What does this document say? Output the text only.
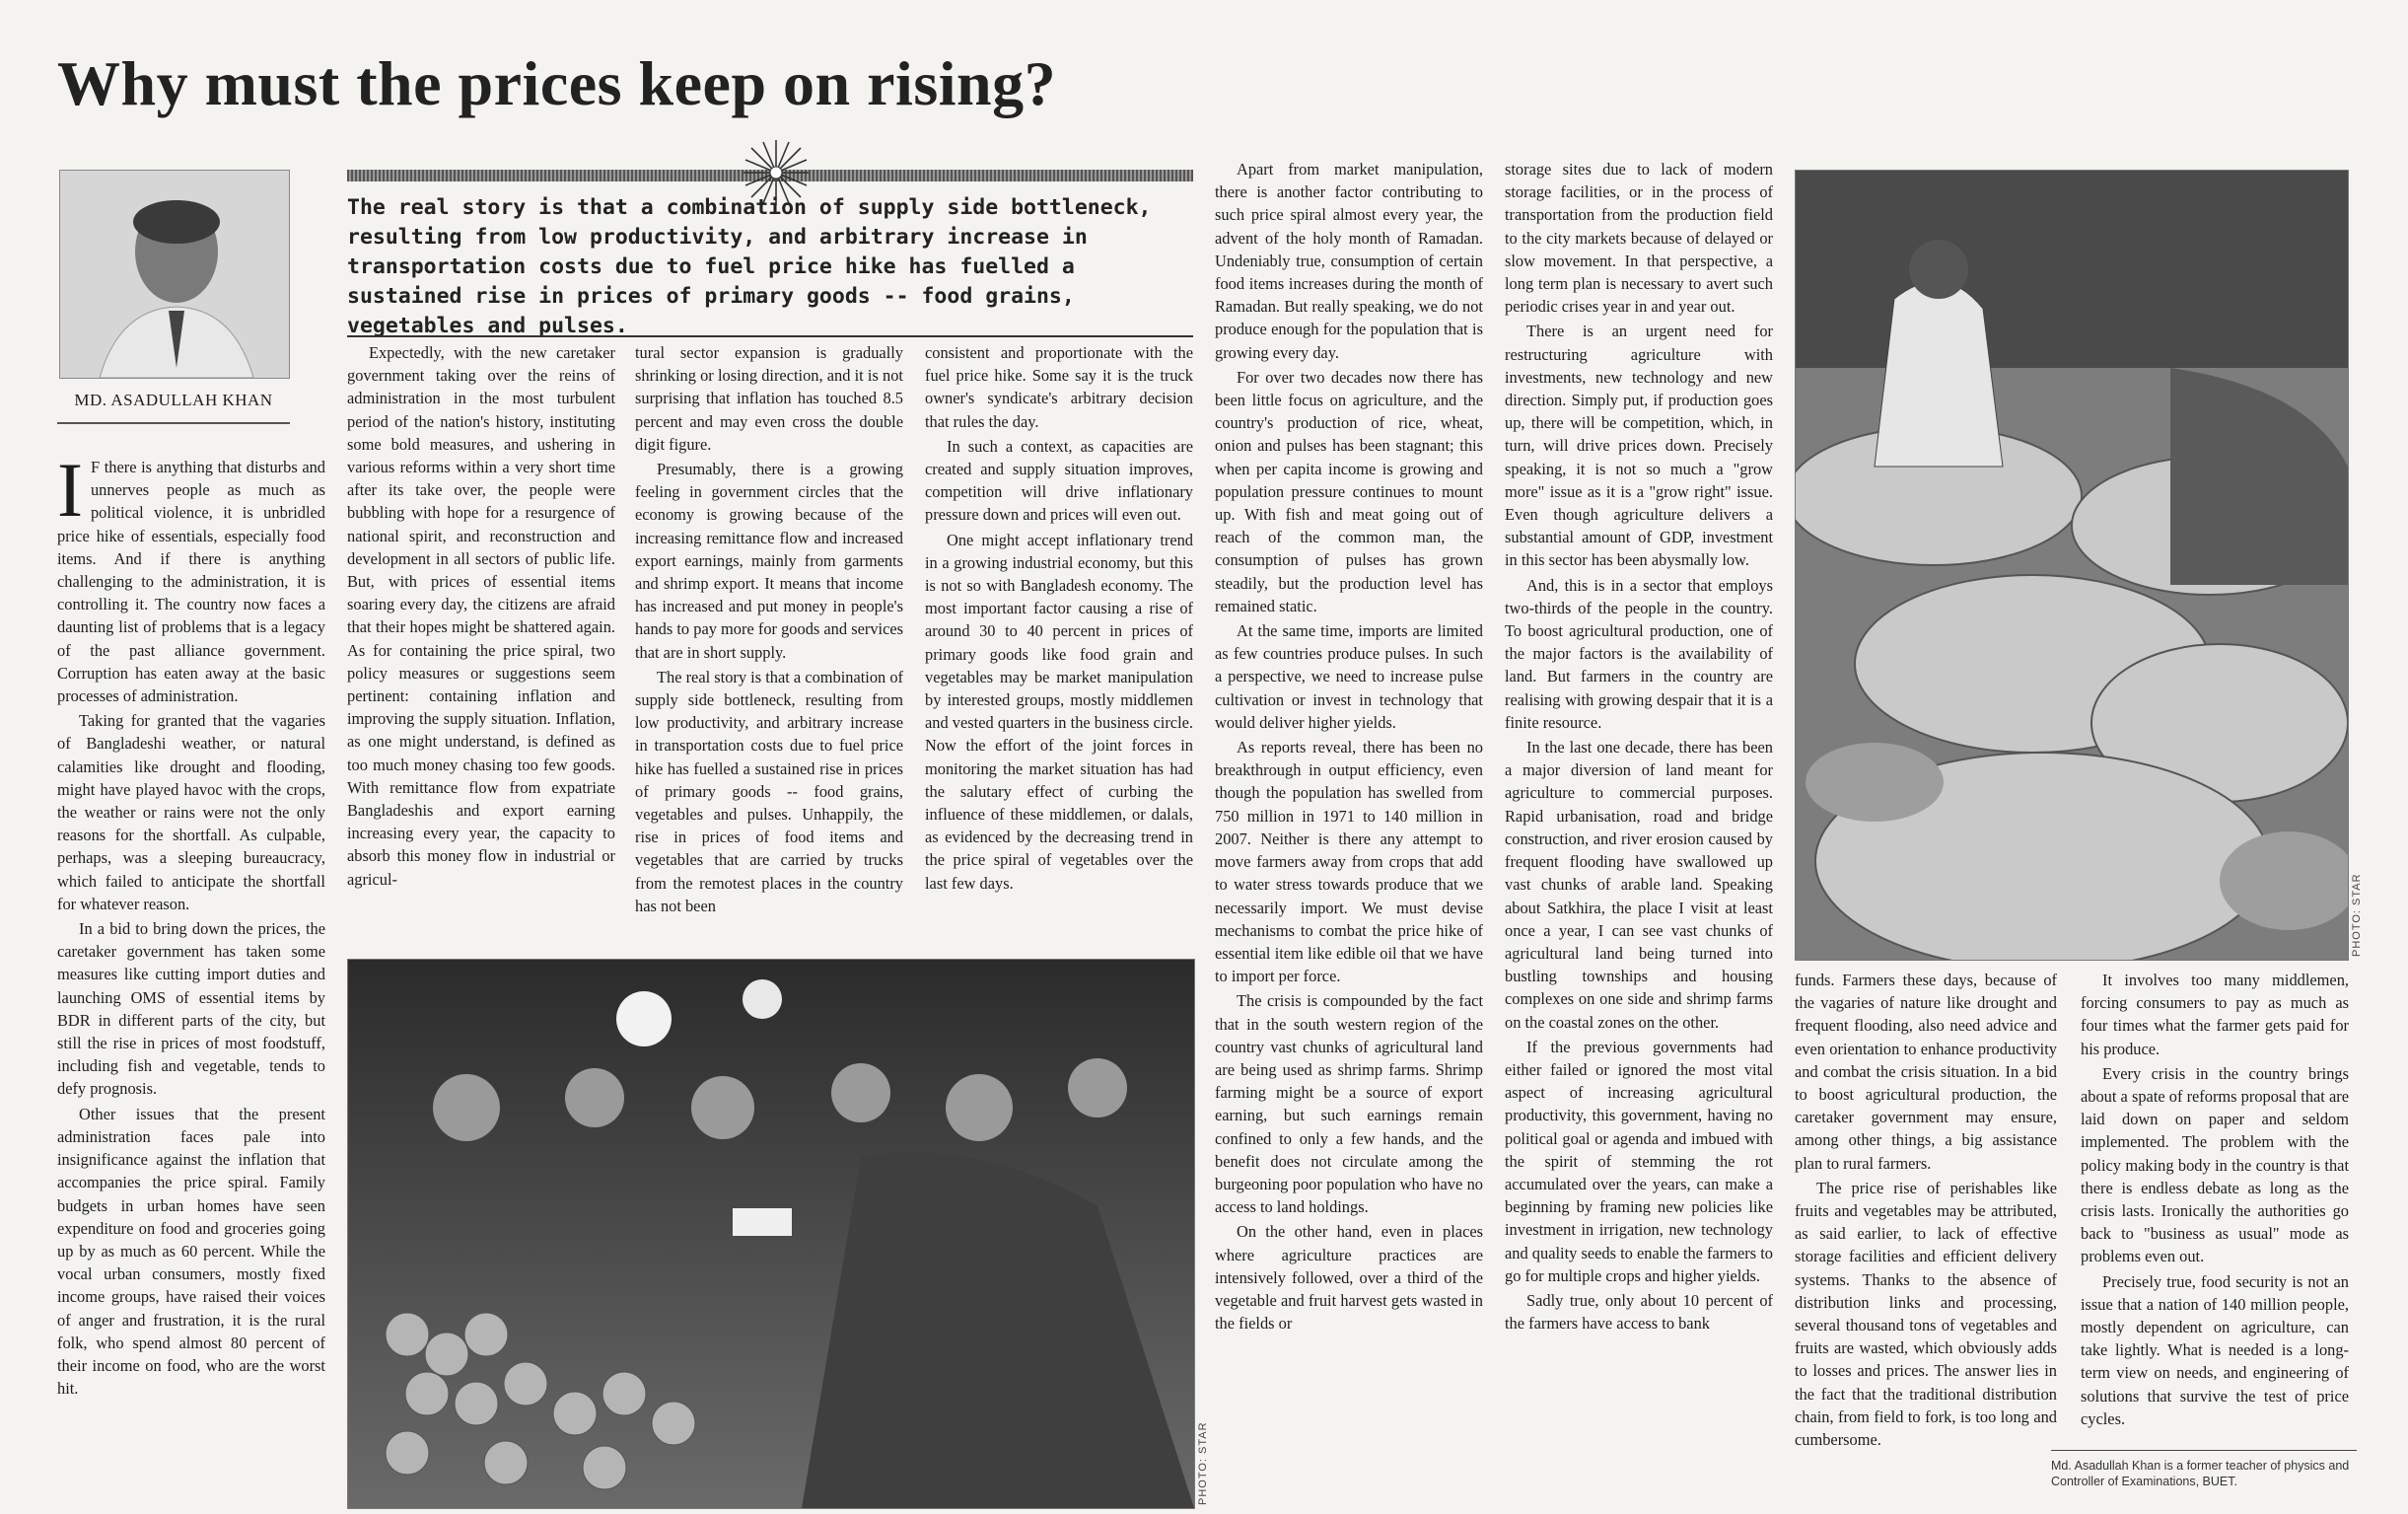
Why must the prices keep on rising?
MD. ASADULLAH KHAN
The real story is that a combination of supply side bottleneck, resulting from low productivity, and arbitrary increase in transportation costs due to fuel price hike has fuelled a sustained rise in prices of primary goods -- food grains, vegetables and pulses.

I F there is anything that disturbs and unnerves people as much as political violence, it is unbridled price hike of essentials, especially food items. And if there is anything challenging to the administration, it is controlling it. The country now faces a daunting list of problems that is a legacy of the past alliance government. Corruption has eaten away at the basic processes of administration.

Taking for granted that the vagaries of Bangladeshi weather, or natural calamities like drought and flooding, might have played havoc with the crops, the weather or rains were not the only reasons for the shortfall. As culpable, perhaps, was a sleeping bureaucracy, which failed to anticipate the shortfall for whatever reason.

In a bid to bring down the prices, the caretaker government has taken some measures like cutting import duties and launching OMS of essential items by BDR in different parts of the city, but still the rise in prices of most foodstuff, including fish and vegetable, tends to defy prognosis.

Other issues that the present administration faces pale into insignificance against the inflation that accompanies the price spiral. Family budgets in urban homes have seen expenditure on food and groceries going up by as much as 60 percent. While the vocal urban consumers, mostly fixed income groups, have raised their voices of anger and frustration, it is the rural folk, who spend almost 80 percent of their income on food, who are the worst hit.

Expectedly, with the new caretaker government taking over the reins of administration in the most turbulent period of the nation's history, instituting some bold measures, and ushering in various reforms within a very short time after its take over, the people were bubbling with hope for a resurgence of national spirit, and reconstruction and development in all sectors of public life. But, with prices of essential items soaring every day, the citizens are afraid that their hopes might be shattered again. As for containing the price spiral, two policy measures or suggestions seem pertinent: containing inflation and improving the supply situation. Inflation, as one might understand, is defined as too much money chasing too few goods. With remittance flow from expatriate Bangladeshis and export earning increasing every year, the capacity to absorb this money flow in industrial or agricul-

tural sector expansion is gradually shrinking or losing direction, and it is not surprising that inflation has touched 8.5 percent and may even cross the double digit figure.

Presumably, there is a growing feeling in government circles that the economy is growing because of the increasing remittance flow and increased export earnings, mainly from garments and shrimp export. It means that income has increased and put money in people's hands to pay more for goods and services that are in short supply.

The real story is that a combination of supply side bottleneck, resulting from low productivity, and arbitrary increase in transportation costs due to fuel price hike has fuelled a sustained rise in prices of primary goods -- food grains, vegetables and pulses. Unhappily, the rise in prices of food items and vegetables that are carried by trucks from the remotest places in the country has not been

consistent and proportionate with the fuel price hike. Some say it is the truck owner's syndicate's arbitrary decision that rules the day.

In such a context, as capacities are created and supply situation improves, competition will drive inflationary pressure down and prices will even out.

One might accept inflationary trend in a growing industrial economy, but this is not so with Bangladesh economy. The most important factor causing a rise of around 30 to 40 percent in prices of primary goods like food grain and vegetables may be market manipulation by interested groups, mostly middlemen and vested quarters in the business circle. Now the effort of the joint forces in monitoring the market situation has had the salutary effect of curbing the influence of these middlemen, or dalals, as evidenced by the decreasing trend in the price spiral of vegetables over the last few days.

PHOTO: STAR

Apart from market manipulation, there is another factor contributing to such price spiral almost every year, the advent of the holy month of Ramadan. Undeniably true, consumption of certain food items increases during the month of Ramadan. But really speaking, we do not produce enough for the population that is growing every day.

For over two decades now there has been little focus on agriculture, and the country's production of rice, wheat, onion and pulses has been stagnant; this when per capita income is growing and population pressure continues to mount up. With fish and meat going out of reach of the common man, the consumption of pulses has grown steadily, but the production level has remained static.

At the same time, imports are limited as few countries produce pulses. In such a perspective, we need to increase pulse cultivation or invest in technology that would deliver higher yields.

As reports reveal, there has been no breakthrough in output efficiency, even though the population has swelled from 750 million in 1971 to 140 million in 2007. Neither is there any attempt to move farmers away from crops that add to water stress towards produce that we necessarily import. We must devise mechanisms to combat the price hike of essential item like edible oil that we have to import per force.

The crisis is compounded by the fact that in the south western region of the country vast chunks of agricultural land are being used as shrimp farms. Shrimp farming might be a source of export earning, but such earnings remain confined to only a few hands, and the benefit does not circulate among the burgeoning poor population who have no access to land holdings.

On the other hand, even in places where agriculture practices are intensively followed, over a third of the vegetable and fruit harvest gets wasted in the fields or

storage sites due to lack of modern storage facilities, or in the process of transportation from the production field to the city markets because of delayed or slow movement. In that perspective, a long term plan is necessary to avert such periodic crises year in and year out.

There is an urgent need for restructuring agriculture with investments, new technology and new direction. Simply put, if production goes up, there will be competition, which, in turn, will drive prices down. Precisely speaking, it is not so much a "grow more" issue as it is a "grow right" issue. Even though agriculture delivers a substantial amount of GDP, investment in this sector has been abysmally low.

And, this is in a sector that employs two-thirds of the people in the country. To boost agricultural production, one of the major factors is the availability of land. But farmers in the country are realising with growing despair that it is a finite resource.

In the last one decade, there has been a major diversion of land meant for agriculture to commercial purposes. Rapid urbanisation, road and bridge construction, and river erosion caused by frequent flooding have swallowed up vast chunks of arable land. Speaking about Satkhira, the place I visit at least once a year, I can see vast chunks of agricultural land being turned into bustling townships and housing complexes on one side and shrimp farms on the coastal zones on the other.

If the previous governments had either failed or ignored the most vital aspect of increasing agricultural productivity, this government, having no political goal or agenda and imbued with the spirit of stemming the rot accumulated over the years, can make a beginning by framing new policies like investment in irrigation, new technology and quality seeds to enable the farmers to go for multiple crops and higher yields.

Sadly true, only about 10 percent of the farmers have access to bank

PHOTO: STAR

funds. Farmers these days, because of the vagaries of nature like drought and frequent flooding, also need advice and even orientation to enhance productivity and combat the crisis situation. In a bid to boost agricultural production, the caretaker government may ensure, among other things, a big assistance plan to rural farmers.

The price rise of perishables like fruits and vegetables may be attributed, as said earlier, to lack of effective storage facilities and efficient delivery systems. Thanks to the absence of distribution links and processing, several thousand tons of vegetables and fruits are wasted, which obviously adds to losses and prices. The answer lies in the fact that the traditional distribution chain, from field to fork, is too long and cumbersome.

It involves too many middlemen, forcing consumers to pay as much as four times what the farmer gets paid for his produce.

Every crisis in the country brings about a spate of reforms proposal that are laid down on paper and seldom implemented. The problem with the policy making body in the country is that there is endless debate as long as the crisis lasts. Ironically the authorities go back to "business as usual" mode as problems even out.

Precisely true, food security is not an issue that a nation of 140 million people, mostly dependent on agriculture, can take lightly. What is needed is a long-term view on needs, and engineering of solutions that survive the test of price cycles.

Md. Asadullah Khan is a former teacher of physics and Controller of Examinations, BUET.
